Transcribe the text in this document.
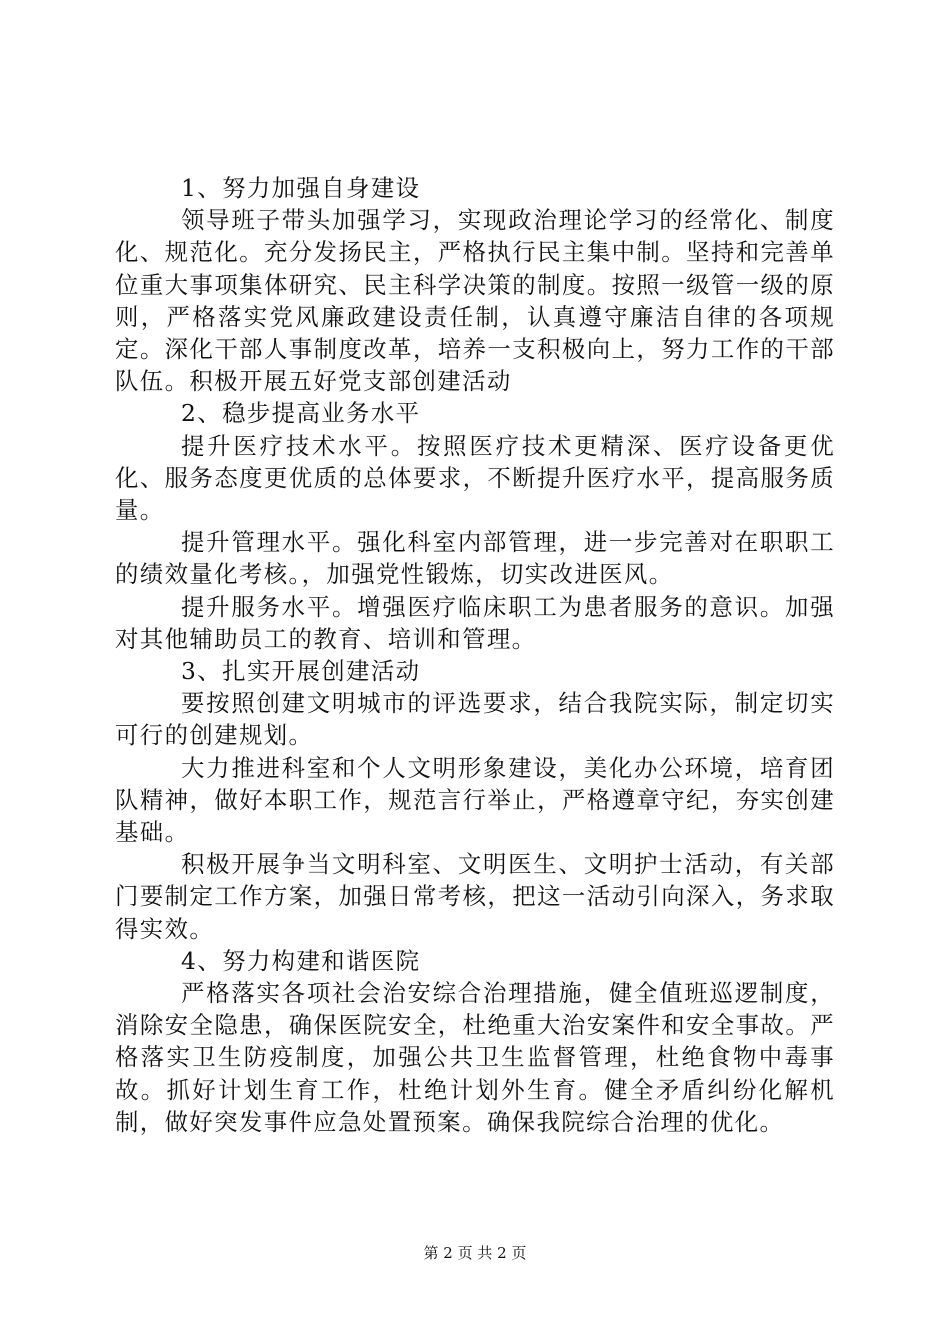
1、努力加强自身建设

领导班子带头加强学习，实现政治理论学习的经常化、制度化、规范化。充分发扬民主，严格执行民主集中制。坚持和完善单位重大事项集体研究、民主科学决策的制度。按照一级管一级的原则，严格落实党风廉政建设责任制，认真遵守廉洁自律的各项规定。深化干部人事制度改革，培养一支积极向上，努力工作的干部队伍。积极开展五好党支部创建活动

2、稳步提高业务水平

提升医疗技术水平。按照医疗技术更精深、医疗设备更优化、服务态度更优质的总体要求，不断提升医疗水平，提高服务质量。

提升管理水平。强化科室内部管理，进一步完善对在职职工的绩效量化考核。，加强党性锻炼，切实改进医风。

提升服务水平。增强医疗临床职工为患者服务的意识。加强对其他辅助员工的教育、培训和管理。

3、扎实开展创建活动

要按照创建文明城市的评选要求，结合我院实际，制定切实可行的创建规划。

大力推进科室和个人文明形象建设，美化办公环境，培育团队精神，做好本职工作，规范言行举止，严格遵章守纪，夯实创建基础。

积极开展争当文明科室、文明医生、文明护士活动，有关部门要制定工作方案，加强日常考核，把这一活动引向深入，务求取得实效。

4、努力构建和谐医院

严格落实各项社会治安综合治理措施，健全值班巡逻制度，消除安全隐患，确保医院安全，杜绝重大治安案件和安全事故。严格落实卫生防疫制度，加强公共卫生监督管理，杜绝食物中毒事故。抓好计划生育工作，杜绝计划外生育。健全矛盾纠纷化解机制，做好突发事件应急处置预案。确保我院综合治理的优化。

第 2 页 共 2 页
